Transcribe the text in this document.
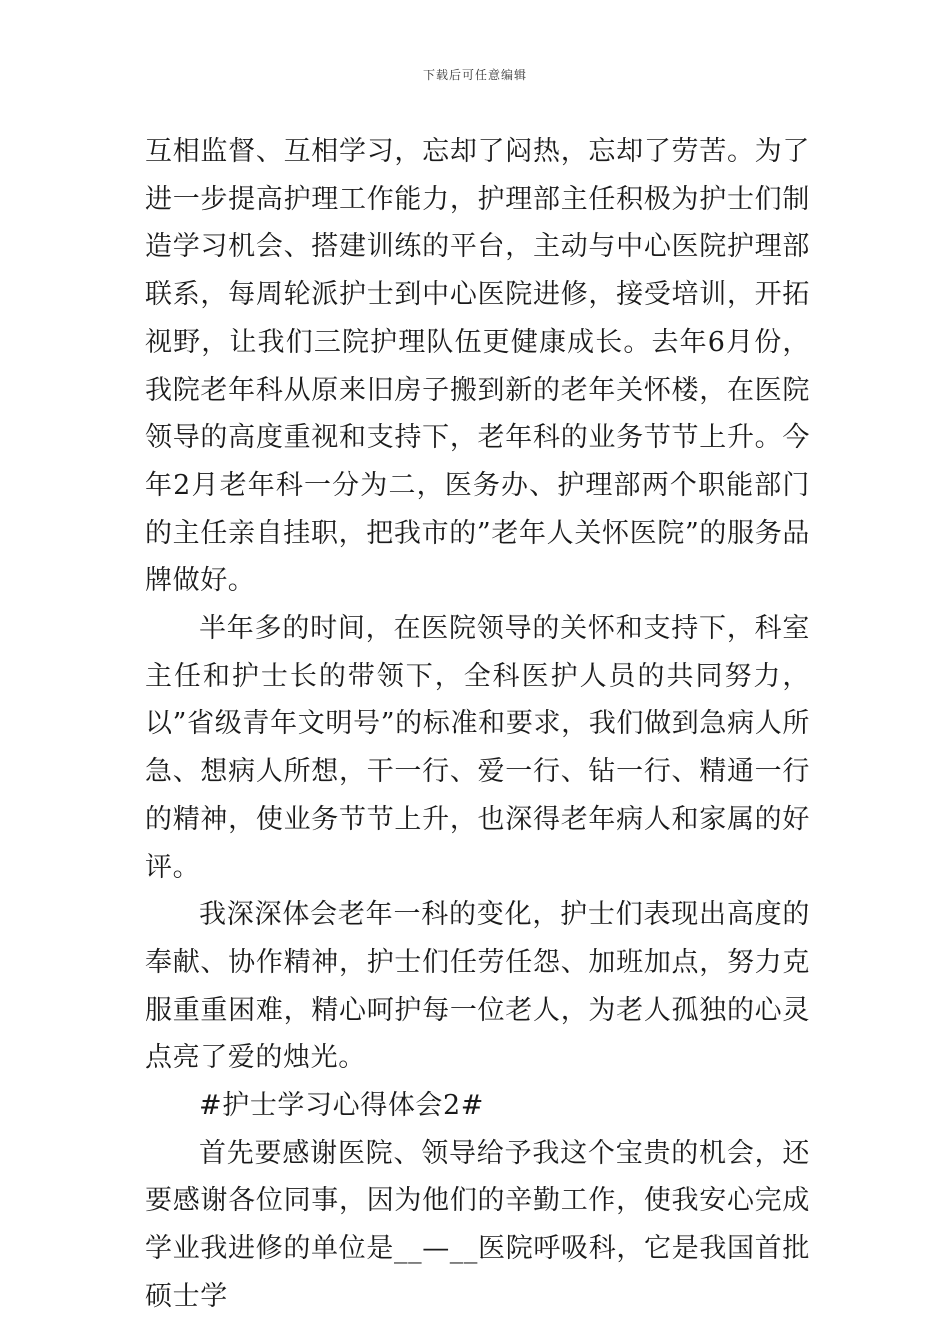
下载后可任意编辑

互相监督、互相学习，忘却了闷热，忘却了劳苦。为了进一步提高护理工作能力，护理部主任积极为护士们制造学习机会、搭建训练的平台，主动与中心医院护理部联系，每周轮派护士到中心医院进修，接受培训，开拓视野，让我们三院护理队伍更健康成长。去年6月份，我院老年科从原来旧房子搬到新的老年关怀楼，在医院领导的高度重视和支持下，老年科的业务节节上升。今年2月老年科一分为二，医务办、护理部两个职能部门的主任亲自挂职，把我市的”老年人关怀医院”的服务品牌做好。

半年多的时间，在医院领导的关怀和支持下，科室主任和护士长的带领下，全科医护人员的共同努力，以”省级青年文明号”的标准和要求，我们做到急病人所急、想病人所想，干一行、爱一行、钻一行、精通一行的精神，使业务节节上升，也深得老年病人和家属的好评。

我深深体会老年一科的变化，护士们表现出高度的奉献、协作精神，护士们任劳任怨、加班加点，努力克服重重困难，精心呵护每一位老人，为老人孤独的心灵点亮了爱的烛光。

#护士学习心得体会2#

首先要感谢医院、领导给予我这个宝贵的机会，还要感谢各位同事，因为他们的辛勤工作，使我安心完成学业我进修的单位是__—__医院呼吸科，它是我国首批硕士学
